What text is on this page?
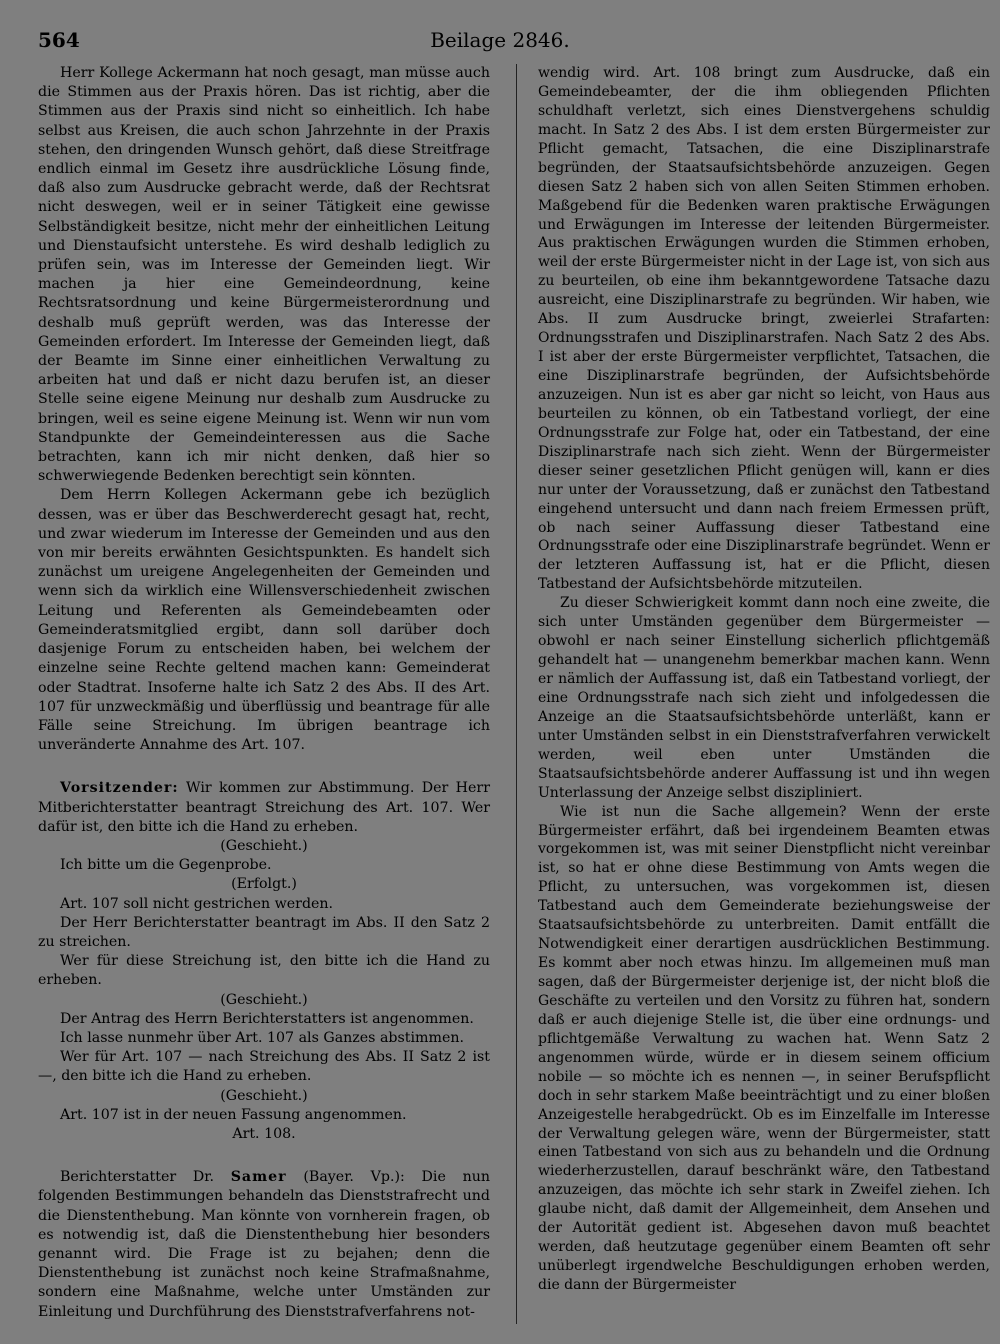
564	Beilage 2846.

Herr Kollege Ackermann hat noch gesagt, man müsse auch die Stimmen aus der Praxis hören. Das ist richtig, aber die Stimmen aus der Praxis sind nicht so einheitlich. Ich habe selbst aus Kreisen, die auch schon Jahrzehnte in der Praxis stehen, den dringenden Wunsch gehört, daß diese Streitfrage endlich einmal im Gesetz ihre ausdrückliche Lösung finde, daß also zum Ausdrucke gebracht werde, daß der Rechtsrat nicht deswegen, weil er in seiner Tätigkeit eine gewisse Selbständigkeit besitze, nicht mehr der einheitlichen Leitung und Dienstaufsicht unterstehe. Es wird deshalb lediglich zu prüfen sein, was im Interesse der Gemeinden liegt. Wir machen ja hier eine Gemeindeordnung, keine Rechtsratsordnung und keine Bürgermeisterordnung und deshalb muß geprüft werden, was das Interesse der Gemeinden erfordert. Im Interesse der Gemeinden liegt, daß der Beamte im Sinne einer einheitlichen Verwaltung zu arbeiten hat und daß er nicht dazu berufen ist, an dieser Stelle seine eigene Meinung nur deshalb zum Ausdrucke zu bringen, weil es seine eigene Meinung ist. Wenn wir nun vom Standpunkte der Gemeindeinteressen aus die Sache betrachten, kann ich mir nicht denken, daß hier so schwerwiegende Bedenken berechtigt sein könnten.

Dem Herrn Kollegen Ackermann gebe ich bezüglich dessen, was er über das Beschwerderecht gesagt hat, recht, und zwar wiederum im Interesse der Gemeinden und aus den von mir bereits erwähnten Gesichtspunkten. Es handelt sich zunächst um ureigene Angelegenheiten der Gemeinden und wenn sich da wirklich eine Willensverschiedenheit zwischen Leitung und Referenten als Gemeindebeamten oder Gemeinderatsmitglied ergibt, dann soll darüber doch dasjenige Forum zu entscheiden haben, bei welchem der einzelne seine Rechte geltend machen kann: Gemeinderat oder Stadtrat. Insoferne halte ich Satz 2 des Abs. II des Art. 107 für unzweckmäßig und überflüssig und beantrage für alle Fälle seine Streichung. Im übrigen beantrage ich unveränderte Annahme des Art. 107.

Vorsitzender: Wir kommen zur Abstimmung. Der Herr Mitberichterstatter beantragt Streichung des Art. 107. Wer dafür ist, den bitte ich die Hand zu erheben.

(Geschieht.)

Ich bitte um die Gegenprobe.

(Erfolgt.)

Art. 107 soll nicht gestrichen werden.

Der Herr Berichterstatter beantragt im Abs. II den Satz 2 zu streichen.

Wer für diese Streichung ist, den bitte ich die Hand zu erheben.

(Geschieht.)

Der Antrag des Herrn Berichterstatters ist angenommen.

Ich lasse nunmehr über Art. 107 als Ganzes abstimmen.

Wer für Art. 107 — nach Streichung des Abs. II Satz 2 ist —, den bitte ich die Hand zu erheben.

(Geschieht.)

Art. 107 ist in der neuen Fassung angenommen.

Art. 108.

Berichterstatter Dr. Samer (Bayer. Vp.): Die nun folgenden Bestimmungen behandeln das Dienststrafrecht und die Dienstenthebung. Man könnte von vornherein fragen, ob es notwendig ist, daß die Dienstenthebung hier besonders genannt wird. Die Frage ist zu bejahen; denn die Dienstenthebung ist zunächst noch keine Strafmaßnahme, sondern eine Maßnahme, welche unter Umständen zur Einleitung und Durchführung des Dienststrafverfahrens not-

wendig wird. Art. 108 bringt zum Ausdrucke, daß ein Gemeindebeamter, der die ihm obliegenden Pflichten schuldhaft verletzt, sich eines Dienstvergehens schuldig macht. In Satz 2 des Abs. I ist dem ersten Bürgermeister zur Pflicht gemacht, Tatsachen, die eine Disziplinarstrafe begründen, der Staatsaufsichtsbehörde anzuzeigen. Gegen diesen Satz 2 haben sich von allen Seiten Stimmen erhoben. Maßgebend für die Bedenken waren praktische Erwägungen und Erwägungen im Interesse der leitenden Bürgermeister. Aus praktischen Erwägungen wurden die Stimmen erhoben, weil der erste Bürgermeister nicht in der Lage ist, von sich aus zu beurteilen, ob eine ihm bekanntgewordene Tatsache dazu ausreicht, eine Disziplinarstrafe zu begründen. Wir haben, wie Abs. II zum Ausdrucke bringt, zweierlei Strafarten: Ordnungsstrafen und Disziplinarstrafen. Nach Satz 2 des Abs. I ist aber der erste Bürgermeister verpflichtet, Tatsachen, die eine Disziplinarstrafe begründen, der Aufsichtsbehörde anzuzeigen. Nun ist es aber gar nicht so leicht, von Haus aus beurteilen zu können, ob ein Tatbestand vorliegt, der eine Ordnungsstrafe zur Folge hat, oder ein Tatbestand, der eine Disziplinarstrafe nach sich zieht. Wenn der Bürgermeister dieser seiner gesetzlichen Pflicht genügen will, kann er dies nur unter der Voraussetzung, daß er zunächst den Tatbestand eingehend untersucht und dann nach freiem Ermessen prüft, ob nach seiner Auffassung dieser Tatbestand eine Ordnungsstrafe oder eine Disziplinarstrafe begründet. Wenn er der letzteren Auffassung ist, hat er die Pflicht, diesen Tatbestand der Aufsichtsbehörde mitzuteilen.

Zu dieser Schwierigkeit kommt dann noch eine zweite, die sich unter Umständen gegenüber dem Bürgermeister — obwohl er nach seiner Einstellung sicherlich pflichtgemäß gehandelt hat — unangenehm bemerkbar machen kann. Wenn er nämlich der Auffassung ist, daß ein Tatbestand vorliegt, der eine Ordnungsstrafe nach sich zieht und infolgedessen die Anzeige an die Staatsaufsichtsbehörde unterläßt, kann er unter Umständen selbst in ein Dienststrafverfahren verwickelt werden, weil eben unter Umständen die Staatsaufsichtsbehörde anderer Auffassung ist und ihn wegen Unterlassung der Anzeige selbst diszipliniert.

Wie ist nun die Sache allgemein? Wenn der erste Bürgermeister erfährt, daß bei irgendeinem Beamten etwas vorgekommen ist, was mit seiner Dienstpflicht nicht vereinbar ist, so hat er ohne diese Bestimmung von Amts wegen die Pflicht, zu untersuchen, was vorgekommen ist, diesen Tatbestand auch dem Gemeinderate beziehungsweise der Staatsaufsichtsbehörde zu unterbreiten. Damit entfällt die Notwendigkeit einer derartigen ausdrücklichen Bestimmung. Es kommt aber noch etwas hinzu. Im allgemeinen muß man sagen, daß der Bürgermeister derjenige ist, der nicht bloß die Geschäfte zu verteilen und den Vorsitz zu führen hat, sondern daß er auch diejenige Stelle ist, die über eine ordnungs- und pflichtgemäße Verwaltung zu wachen hat. Wenn Satz 2 angenommen würde, würde er in diesem seinem officium nobile — so möchte ich es nennen —, in seiner Berufspflicht doch in sehr starkem Maße beeinträchtigt und zu einer bloßen Anzeigestelle herabgedrückt. Ob es im Einzelfalle im Interesse der Verwaltung gelegen wäre, wenn der Bürgermeister, statt einen Tatbestand von sich aus zu behandeln und die Ordnung wiederherzustellen, darauf beschränkt wäre, den Tatbestand anzuzeigen, das möchte ich sehr stark in Zweifel ziehen. Ich glaube nicht, daß damit der Allgemeinheit, dem Ansehen und der Autorität gedient ist. Abgesehen davon muß beachtet werden, daß heutzutage gegenüber einem Beamten oft sehr unüberlegt irgendwelche Beschuldigungen erhoben werden, die dann der Bürgermeister
